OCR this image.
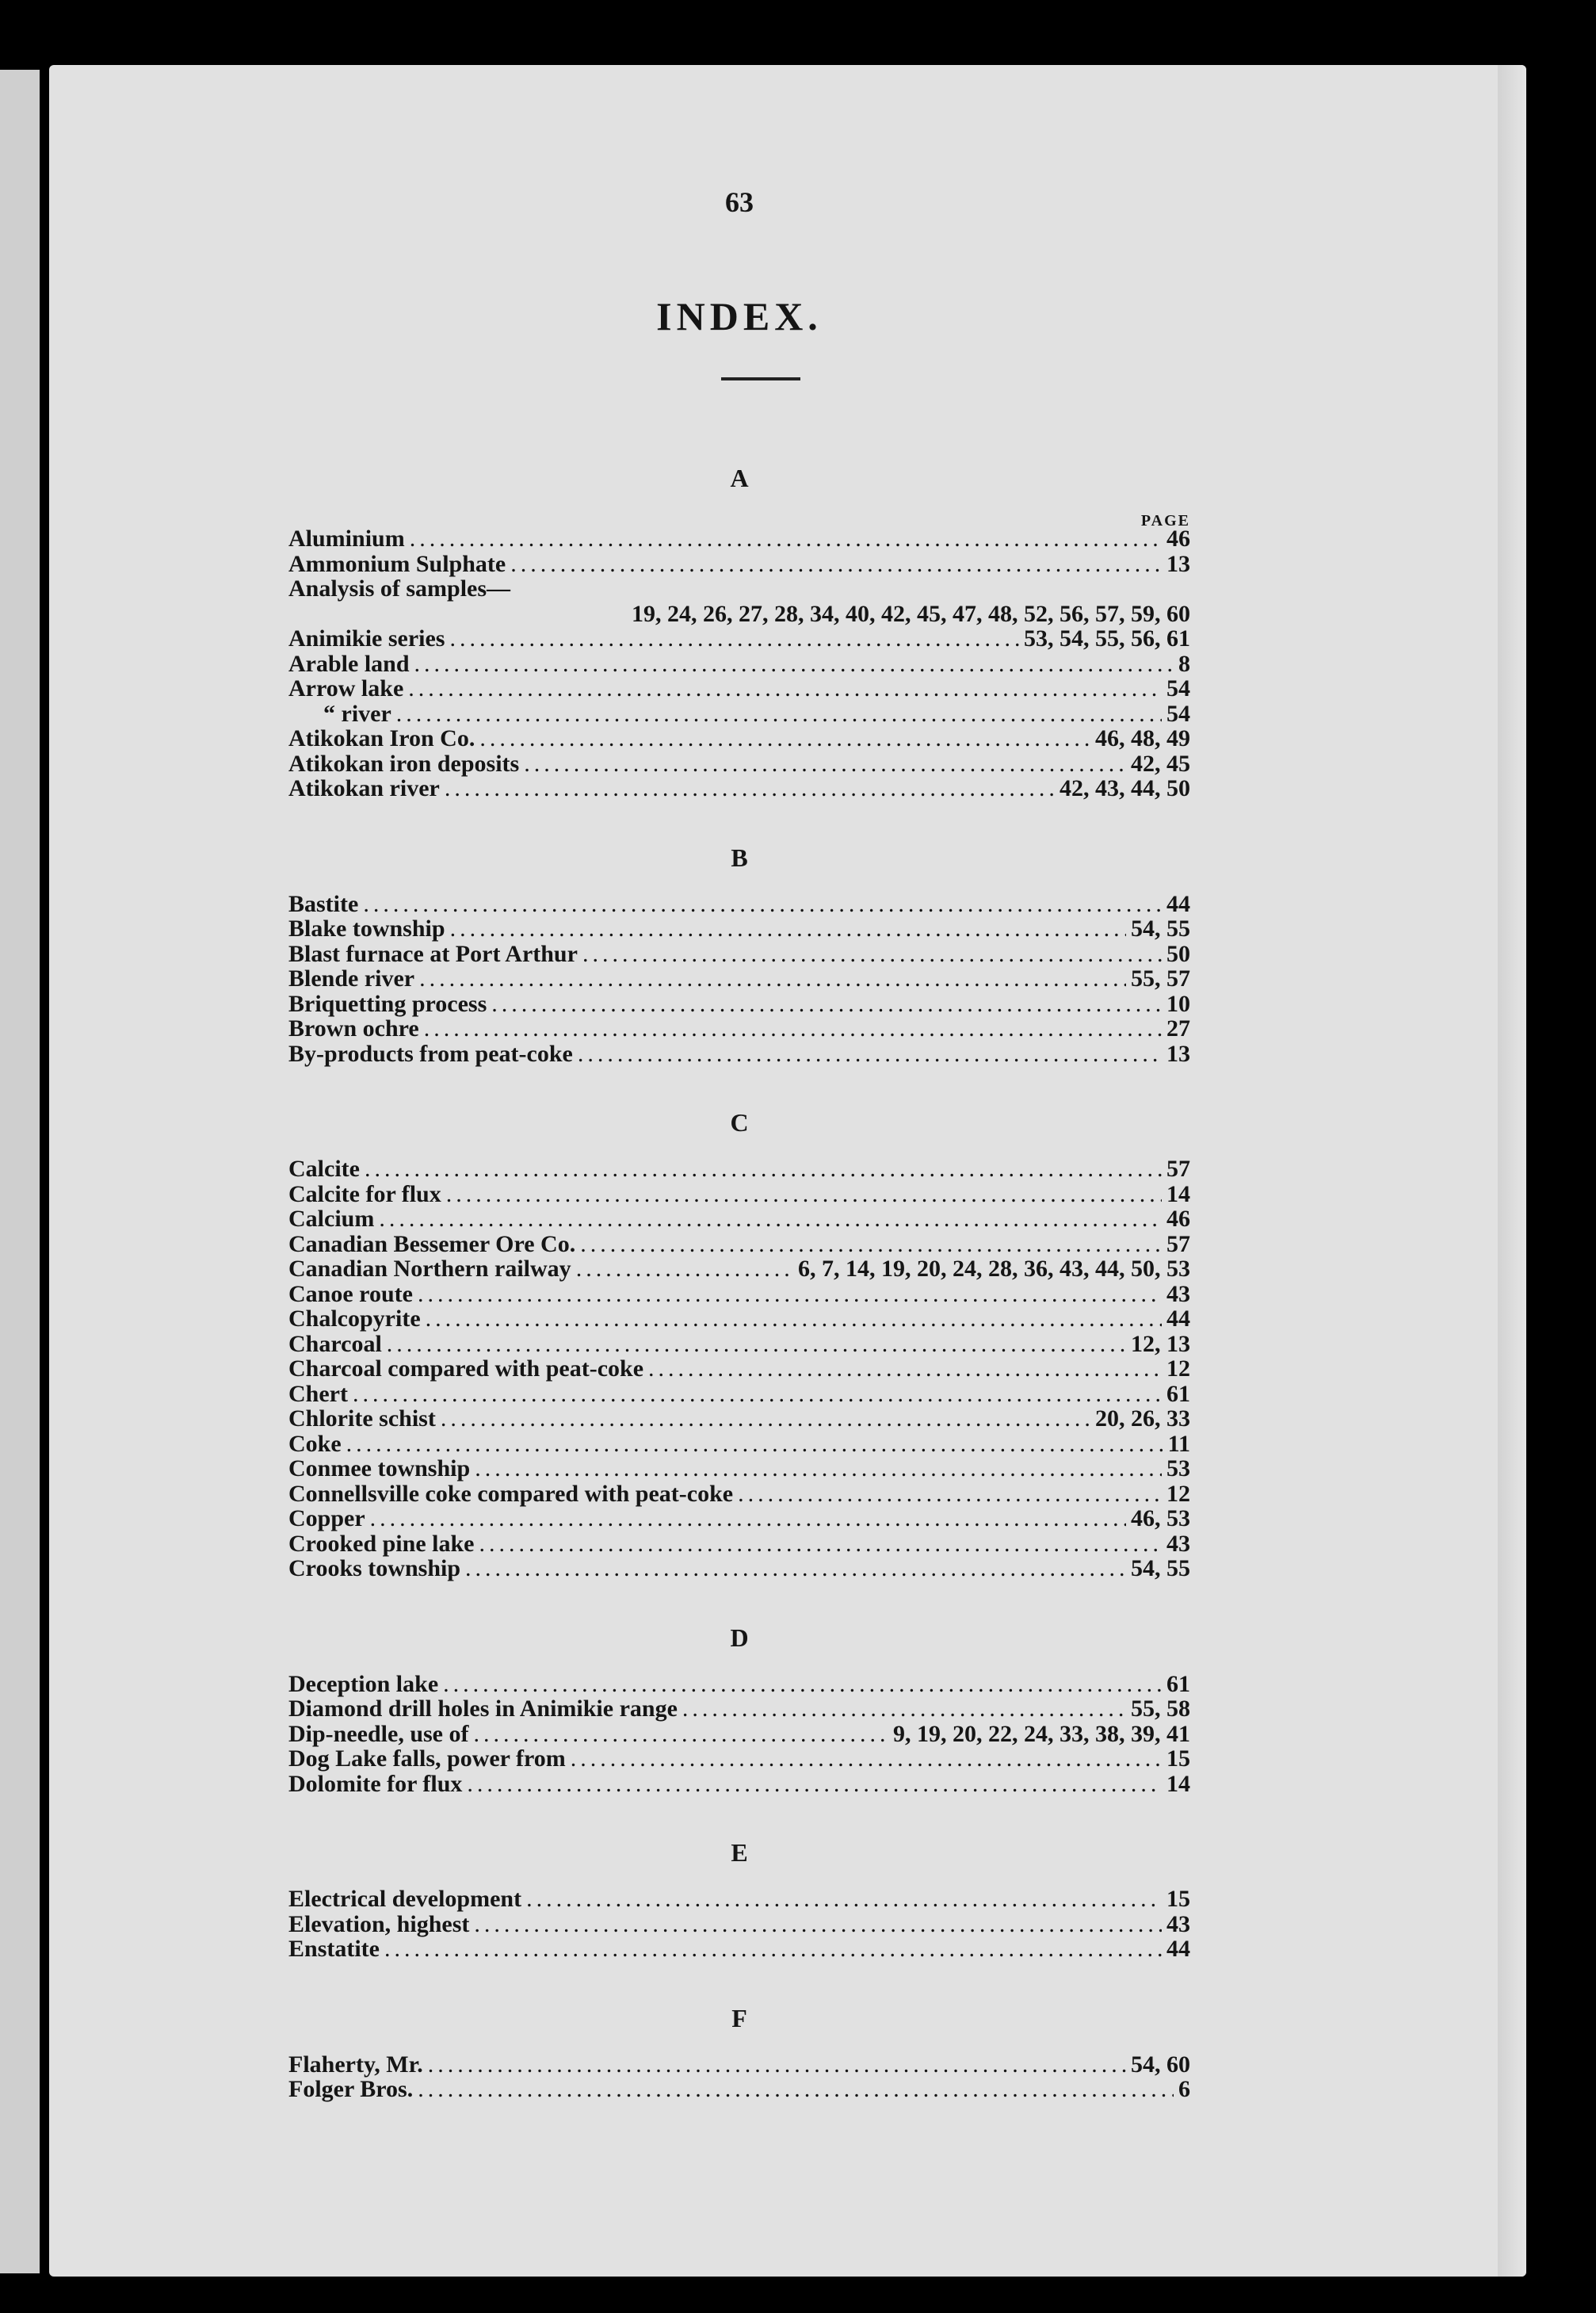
63
INDEX.
A
PAGE
Aluminium .....	46
Ammonium Sulphate .....	13
Analysis of samples—
19, 24, 26, 27, 28, 34, 40, 42, 45, 47, 48, 52, 56, 57, 59, 60
Animikie series .....	53, 54, 55, 56, 61
Arable land .....	8
Arrow lake .....	54
“ river .....	54
Atikokan Iron Co. .....	46, 48, 49
Atikokan iron deposits .....	42, 45
Atikokan river .....	42, 43, 44, 50
B
Bastite .....	44
Blake township .....	54, 55
Blast furnace at Port Arthur .....	50
Blende river .....	55, 57
Briquetting process .....	10
Brown ochre .....	27
By-products from peat-coke .....	13
C
Calcite .....	57
Calcite for flux .....	14
Calcium .....	46
Canadian Bessemer Ore Co. .....	57
Canadian Northern railway .....	6, 7, 14, 19, 20, 24, 28, 36, 43, 44, 50, 53
Canoe route .....	43
Chalcopyrite .....	44
Charcoal .....	12, 13
Charcoal compared with peat-coke .....	12
Chert .....	61
Chlorite schist .....	20, 26, 33
Coke .....	11
Conmee township .....	53
Connellsville coke compared with peat-coke .....	12
Copper .....	46, 53
Crooked pine lake .....	43
Crooks township .....	54, 55
D
Deception lake .....	61
Diamond drill holes in Animikie range .....	55, 58
Dip-needle, use of .....	9, 19, 20, 22, 24, 33, 38, 39, 41
Dog Lake falls, power from .....	15
Dolomite for flux .....	14
E
Electrical development .....	15
Elevation, highest .....	43
Enstatite .....	44
F
Flaherty, Mr. .....	54, 60
Folger Bros. .....	6
